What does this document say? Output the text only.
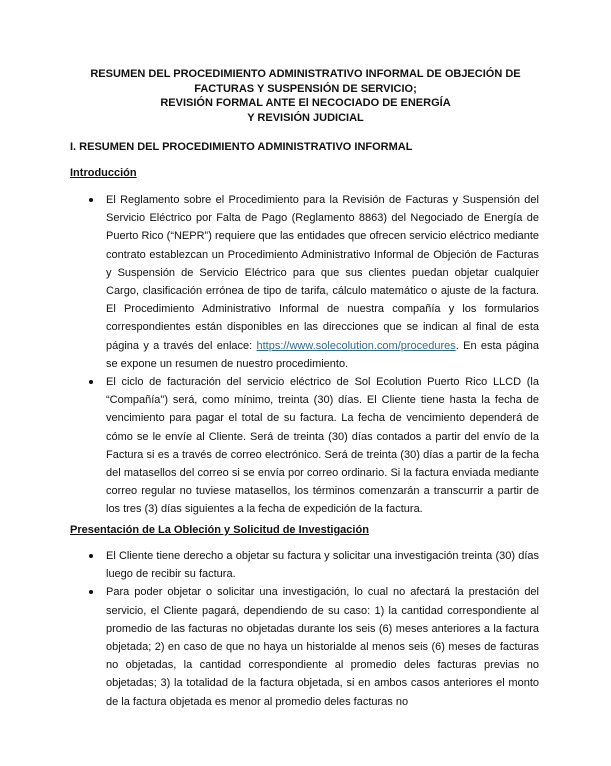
RESUMEN DEL PROCEDIMIENTO ADMINISTRATIVO INFORMAL DE OBJECIÓN DE
FACTURAS Y SUSPENSIÓN DE SERVICIO;
REVISIÓN FORMAL ANTE El NECOCIADO DE ENERGÍA
Y REVISIÓN JUDICIAL
I. RESUMEN DEL PROCEDIMIENTO ADMINISTRATIVO INFORMAL
Introducción

El Reglamento sobre el Procedimiento para la Revisión de Facturas y Suspensión del Servicio Eléctrico por Falta de Pago (Reglamento 8863) del Negociado de Energía de Puerto Rico (“NEPR”) requiere que las entidades que ofrecen servicio eléctrico mediante contrato establezcan un Procedimiento Administrativo Informal de Objeción de Facturas y Suspensión de Servicio Eléctrico para que sus clientes puedan objetar cualquier Cargo, clasificación errónea de tipo de tarifa, cálculo matemático o ajuste de la factura. El Procedimiento Administrativo Informal de nuestra compañía y los formularios correspondientes están disponibles en las direcciones que se indican al final de esta página y a través del enlace: https://www.solecolution.com/procedures. En esta página se expone un resumen de nuestro procedimiento.

El ciclo de facturación del servicio eléctrico de Sol Ecolution Puerto Rico LLCD (la “Compañía") será, como mínimo, treinta (30) días. El Cliente tiene hasta la fecha de vencimiento para pagar el total de su factura. La fecha de vencimiento dependerá de cómo se le envíe al Cliente. Será de treinta (30) días contados a partir del envío de la Factura si es a través de correo electrónico. Será de treinta (30) días a partir de la fecha del matasellos del correo si se envía por correo ordinario. Si la factura enviada mediante correo regular no tuviese matasellos, los términos comenzarán a transcurrir a partir de los tres (3) días siguientes a la fecha de expedición de la factura.

Presentación de La Obleción y Solicitud de Investigación

El Cliente tiene derecho a objetar su factura y solicitar una investigación treinta (30) días luego de recibir su factura.

Para poder objetar o solicitar una investigación, lo cual no afectará la prestación del servicio, el Cliente pagará, dependiendo de su caso: 1) la cantidad correspondiente al promedio de las facturas no objetadas durante los seis (6) meses anteriores a la factura objetada; 2) en caso de que no haya un historialde al menos seis (6) meses de facturas no objetadas, la cantidad correspondiente al promedio deles facturas previas no objetadas; 3) la totalidad de la factura objetada, si en ambos casos anteriores el monto de la factura objetada es menor al promedio deles facturas no
